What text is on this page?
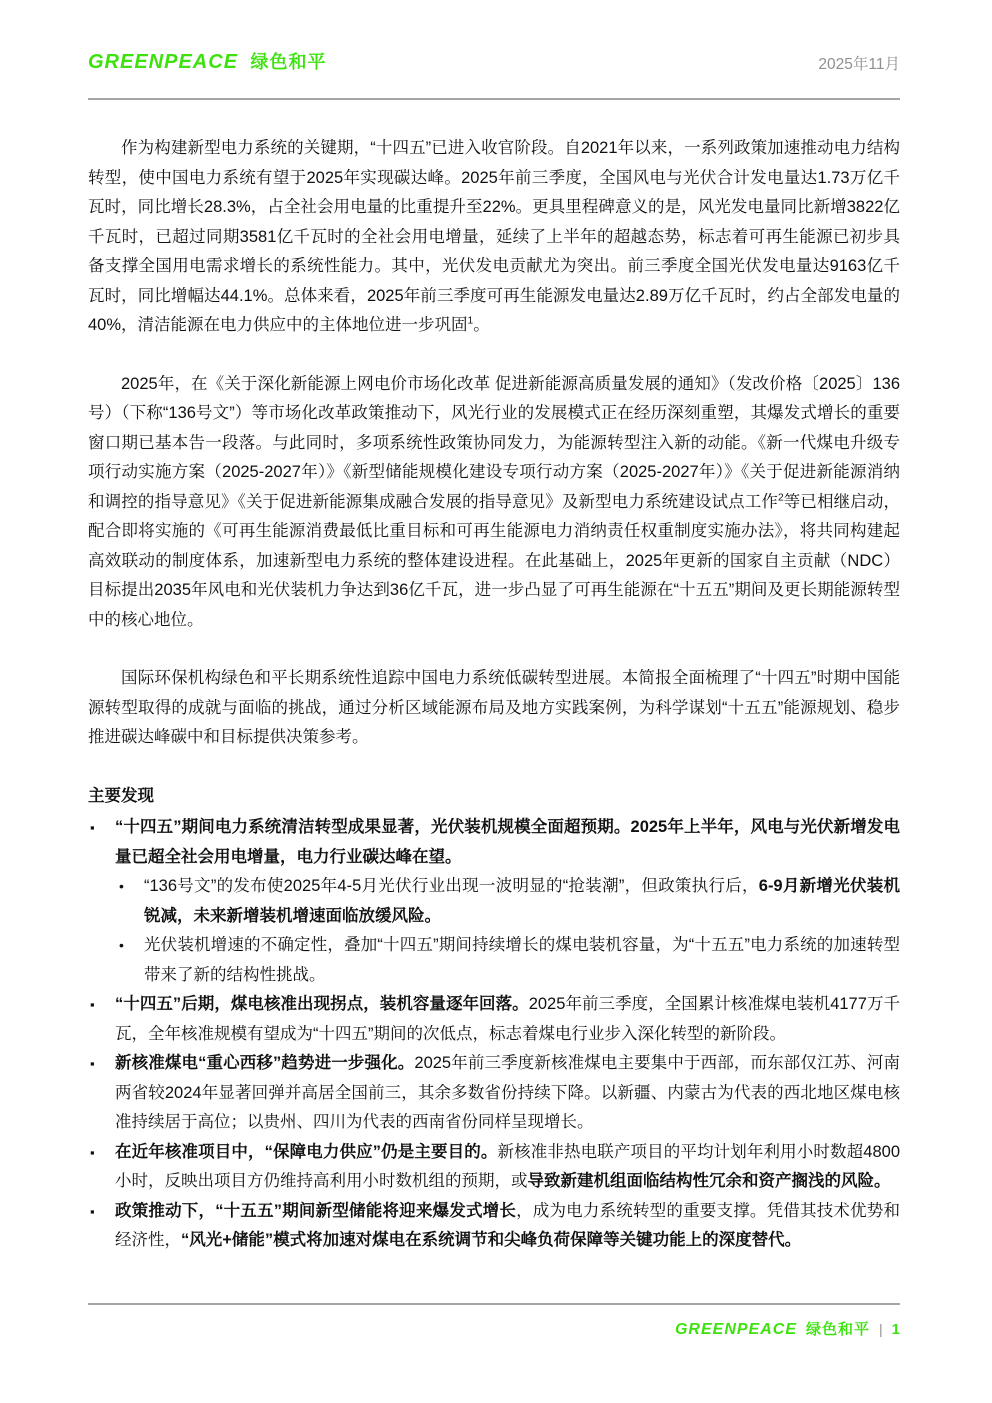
GREENPEACE 绿色和平	2025年11月

作为构建新型电力系统的关键期，“十四五”已进入收官阶段。自2021年以来，一系列政策加速推动电力结构转型，使中国电力系统有望于2025年实现碳达峰。2025年前三季度，全国风电与光伏合计发电量达1.73万亿千瓦时，同比增长28.3%，占全社会用电量的比重提升至22%。更具里程碑意义的是，风光发电量同比新增3822亿千瓦时，已超过同期3581亿千瓦时的全社会用电增量，延续了上半年的超越态势，标志着可再生能源已初步具备支撑全国用电需求增长的系统性能力。其中，光伏发电贡献尤为突出。前三季度全国光伏发电量达9163亿千瓦时，同比增幅达44.1%。总体来看，2025年前三季度可再生能源发电量达2.89万亿千瓦时，约占全部发电量的40%，清洁能源在电力供应中的主体地位进一步巩固$^1$。

2025年，在《关于深化新能源上网电价市场化改革 促进新能源高质量发展的通知》（发改价格〔2025〕136号）（下称“136号文”）等市场化改革政策推动下，风光行业的发展模式正在经历深刻重塑，其爆发式增长的重要窗口期已基本告一段落。与此同时，多项系统性政策协同发力，为能源转型注入新的动能。《新一代煤电升级专项行动实施方案（2025-2027年）》《新型储能规模化建设专项行动方案（2025-2027年）》《关于促进新能源消纳和调控的指导意见》《关于促进新能源集成融合发展的指导意见》及新型电力系统建设试点工作$^2$等已相继启动，配合即将实施的《可再生能源消费最低比重目标和可再生能源电力消纳责任权重制度实施办法》，将共同构建起高效联动的制度体系，加速新型电力系统的整体建设进程。在此基础上，2025年更新的国家自主贡献（NDC）目标提出2035年风电和光伏装机力争达到36亿千瓦，进一步凸显了可再生能源在“十五五”期间及更长期能源转型中的核心地位。

国际环保机构绿色和平长期系统性追踪中国电力系统低碳转型进展。本简报全面梳理了“十四五”时期中国能源转型取得的成就与面临的挑战，通过分析区域能源布局及地方实践案例，为科学谋划“十五五”能源规划、稳步推进碳达峰碳中和目标提供决策参考。

主要发现
▪ “十四五”期间电力系统清洁转型成果显著，光伏装机规模全面超预期。2025年上半年，风电与光伏新增发电量已超全社会用电增量，电力行业碳达峰在望。
• “136号文”的发布使2025年4-5月光伏行业出现一波明显的“抢装潮”，但政策执行后，6-9月新增光伏装机锐减，未来新增装机增速面临放缓风险。
• 光伏装机增速的不确定性，叠加“十四五”期间持续增长的煤电装机容量，为“十五五”电力系统的加速转型带来了新的结构性挑战。
▪ “十四五”后期，煤电核准出现拐点，装机容量逐年回落。2025年前三季度，全国累计核准煤电装机4177万千瓦，全年核准规模有望成为“十四五”期间的次低点，标志着煤电行业步入深化转型的新阶段。
▪ 新核准煤电“重心西移”趋势进一步强化。2025年前三季度新核准煤电主要集中于西部，而东部仅江苏、河南两省较2024年显著回弹并高居全国前三，其余多数省份持续下降。以新疆、内蒙古为代表的西北地区煤电核准持续居于高位；以贵州、四川为代表的西南省份同样呈现增长。
▪ 在近年核准项目中，“保障电力供应”仍是主要目的。新核准非热电联产项目的平均计划年利用小时数超4800小时，反映出项目方仍维持高利用小时数机组的预期，或导致新建机组面临结构性冗余和资产搁浅的风险。
▪ 政策推动下，“十五五”期间新型储能将迎来爆发式增长，成为电力系统转型的重要支撑。凭借其技术优势和经济性，“风光+储能”模式将加速对煤电在系统调节和尖峰负荷保障等关键功能上的深度替代。
GREENPEACE 绿色和平 | 1
